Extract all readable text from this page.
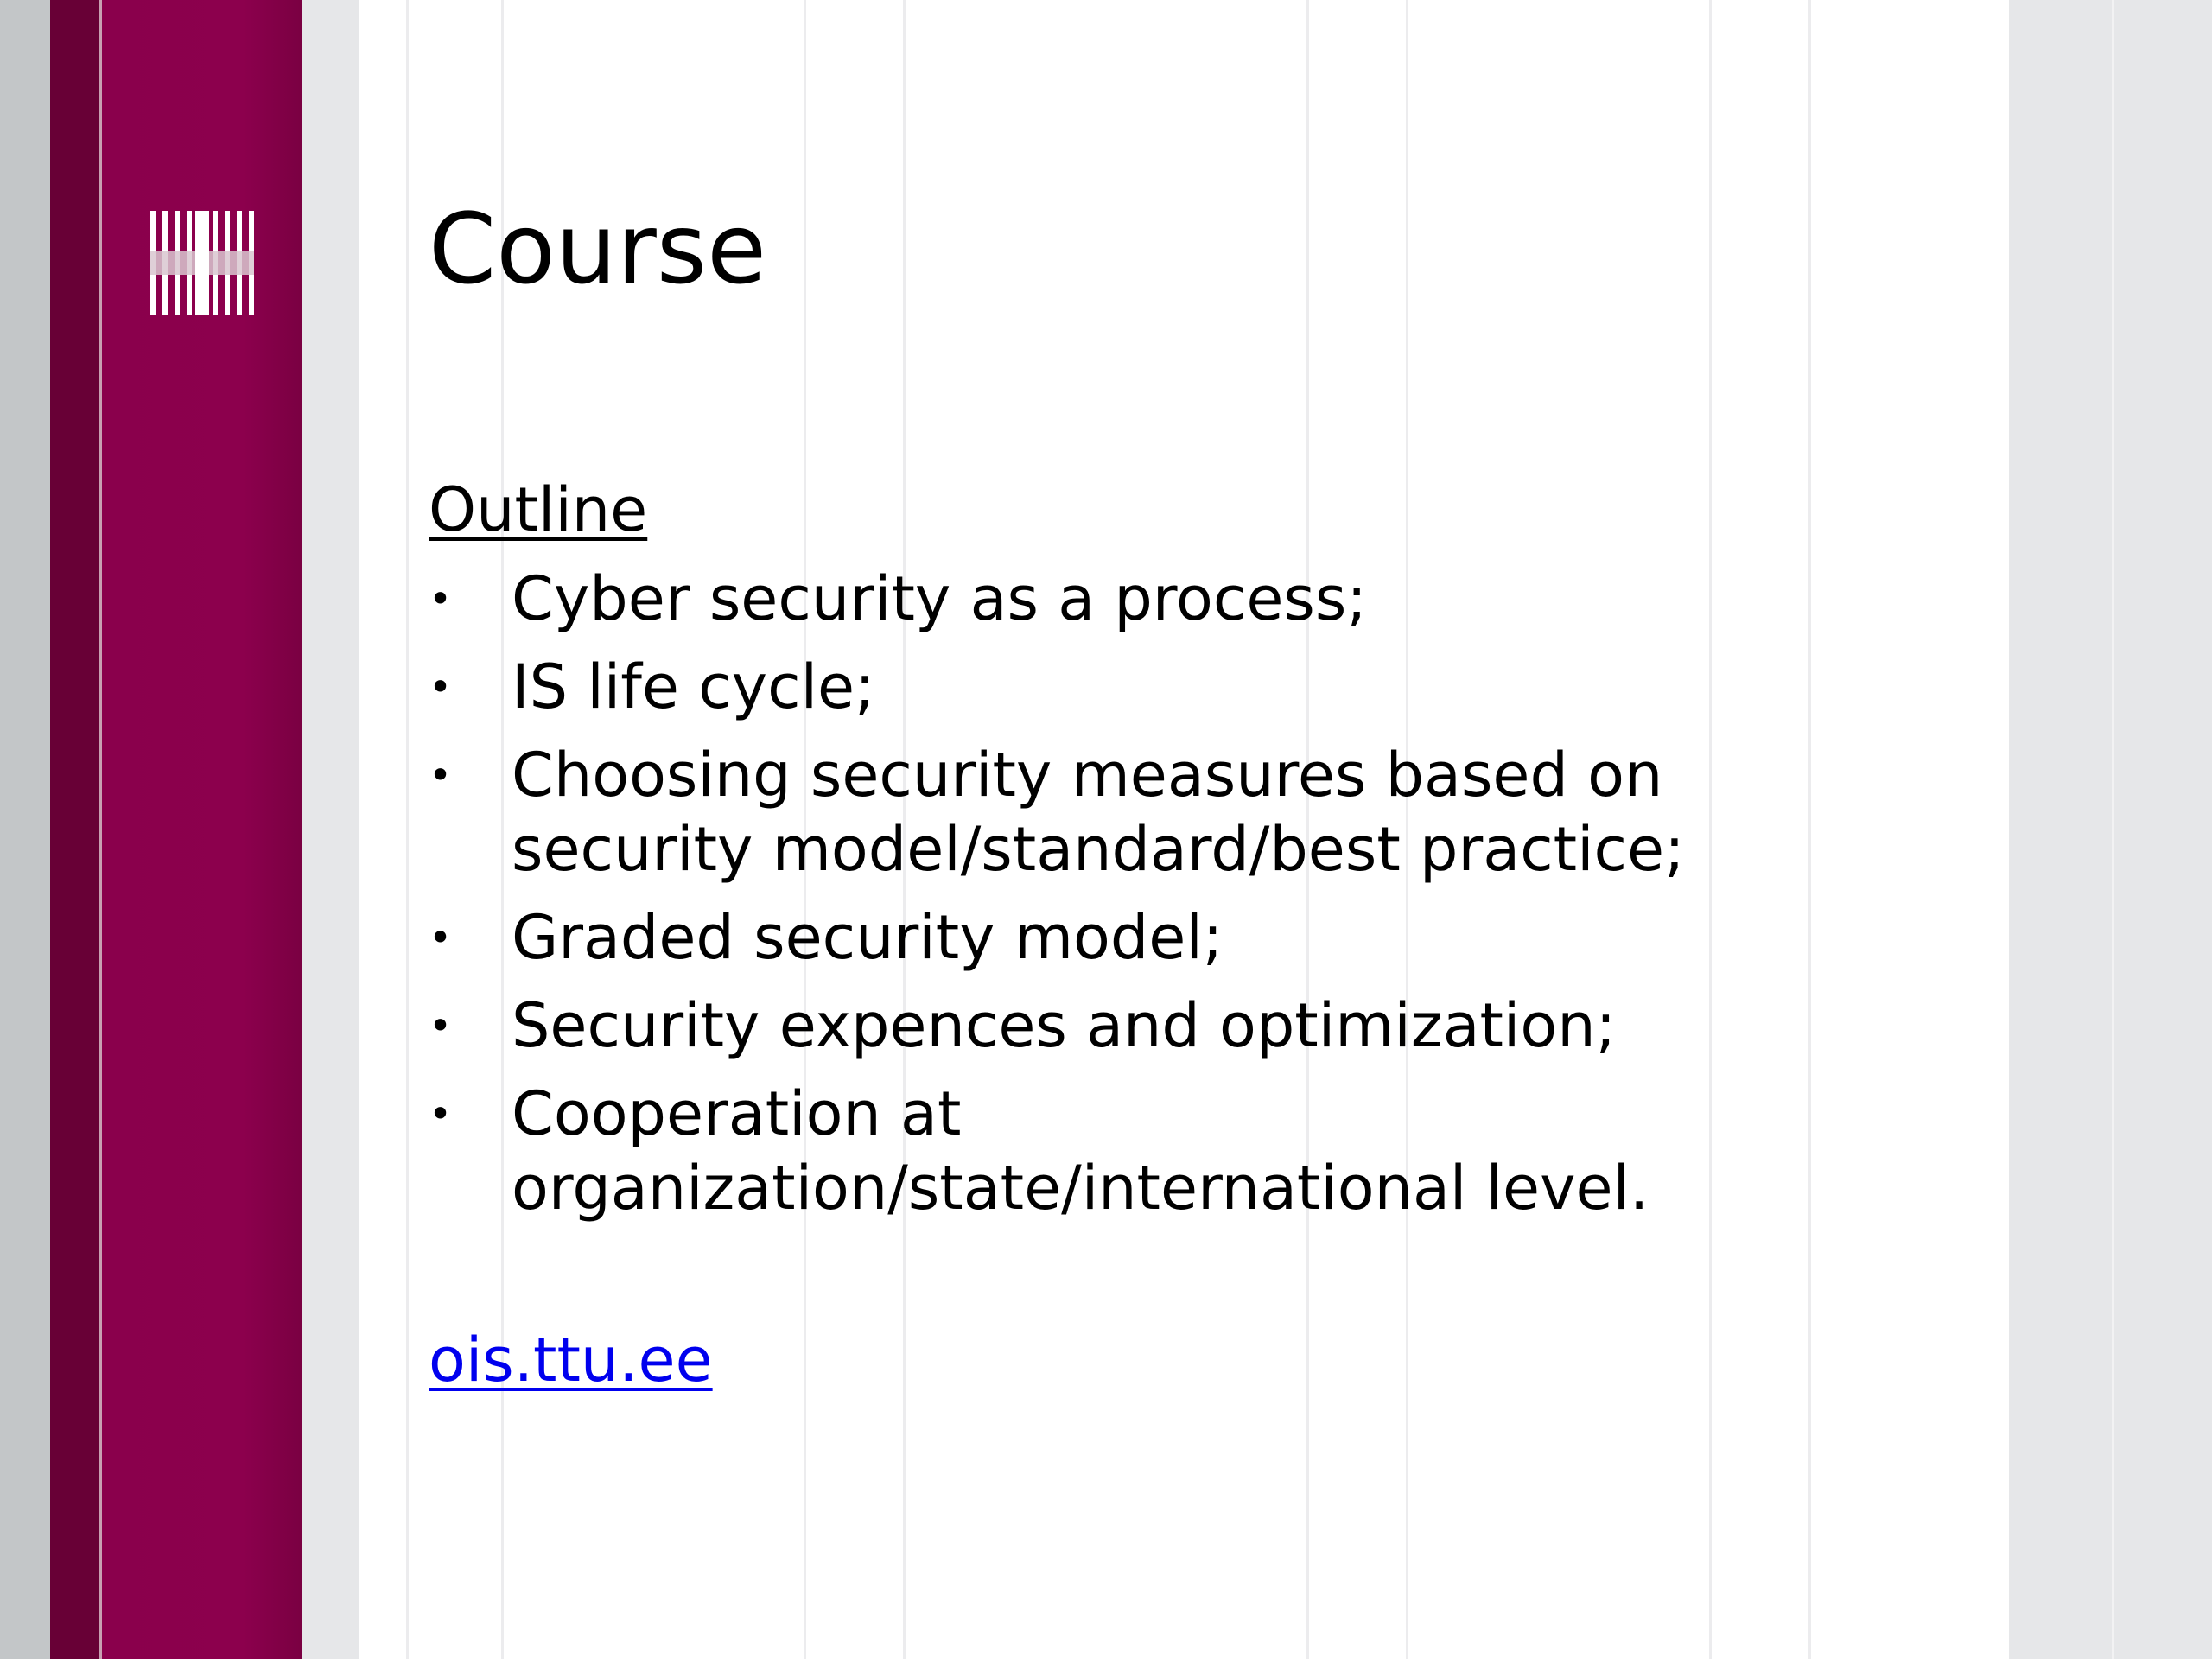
Course
Outline
• Cyber security as a process;
• IS life cycle;
• Choosing security measures based on security model/standard/best practice;
• Graded security model;
• Security expences and optimization;
• Cooperation at organization/state/international level.
ois.ttu.ee
